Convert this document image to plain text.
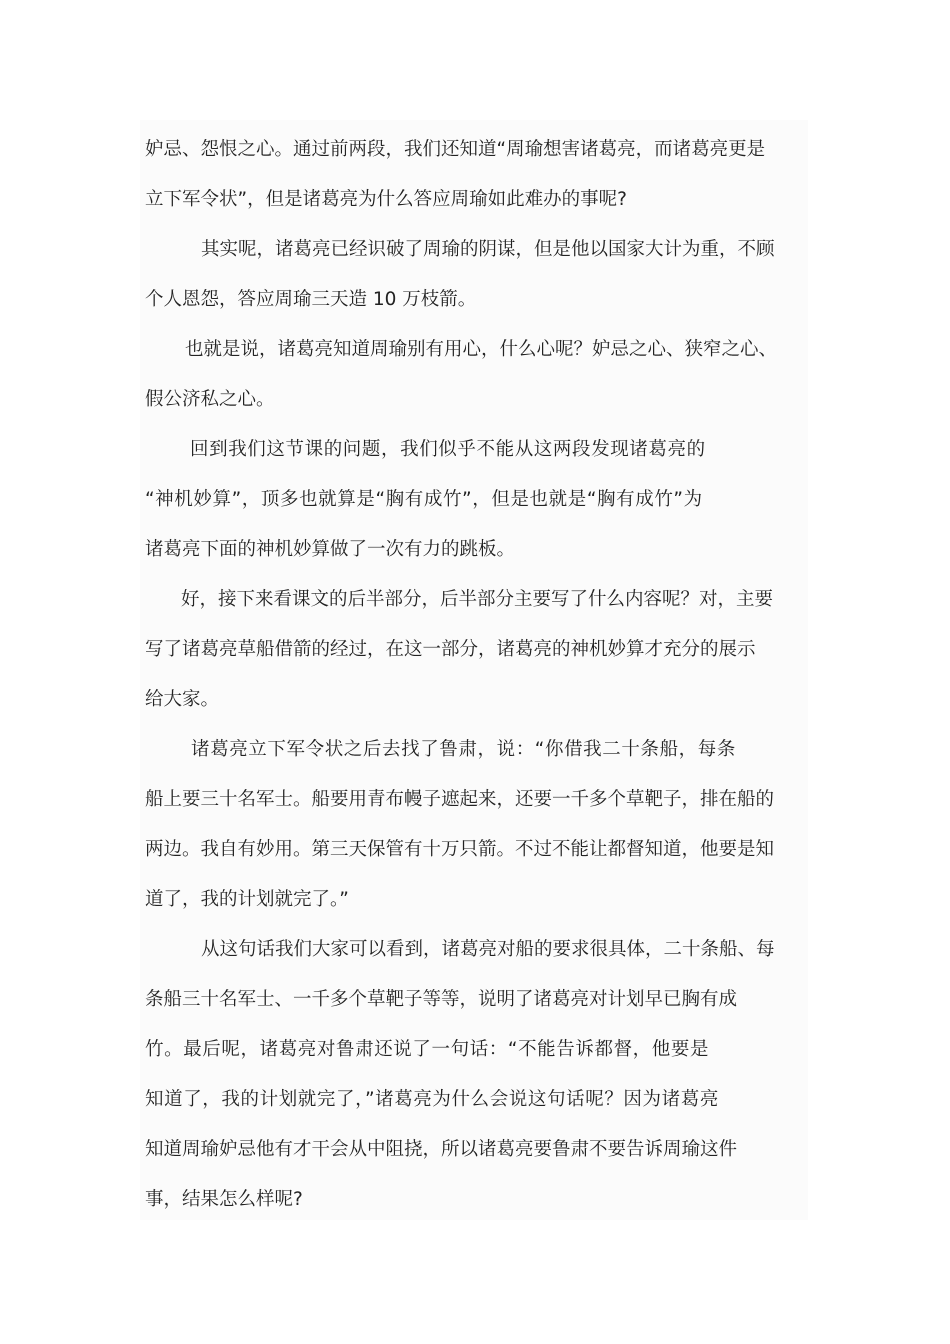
妒忌、怨恨之心。通过前两段，我们还知道“周瑜想害诸葛亮，而诸葛亮更是
立下军令状”，但是诸葛亮为什么答应周瑜如此难办的事呢?
其实呢，诸葛亮已经识破了周瑜的阴谋，但是他以国家大计为重，不顾
个人恩怨，答应周瑜三天造 10 万枝箭。
也就是说，诸葛亮知道周瑜别有用心，什么心呢？妒忌之心、狭窄之心、
假公济私之心。
回到我们这节课的问题，我们似乎不能从这两段发现诸葛亮的
“神机妙算”，顶多也就算是“胸有成竹”，但是也就是“胸有成竹”为
诸葛亮下面的神机妙算做了一次有力的跳板。
好，接下来看课文的后半部分，后半部分主要写了什么内容呢？对，主要
写了诸葛亮草船借箭的经过，在这一部分，诸葛亮的神机妙算才充分的展示
给大家。
诸葛亮立下军令状之后去找了鲁肃，说：“你借我二十条船，每条
船上要三十名军士。船要用青布幔子遮起来，还要一千多个草靶子，排在船的
两边。我自有妙用。第三天保管有十万只箭。不过不能让都督知道，他要是知
道了，我的计划就完了。”
从这句话我们大家可以看到，诸葛亮对船的要求很具体，二十条船、每
条船三十名军士、一千多个草靶子等等，说明了诸葛亮对计划早已胸有成
竹。最后呢，诸葛亮对鲁肃还说了一句话：“不能告诉都督，他要是
知道了，我的计划就完了，”诸葛亮为什么会说这句话呢？因为诸葛亮
知道周瑜妒忌他有才干会从中阻挠，所以诸葛亮要鲁肃不要告诉周瑜这件
事，结果怎么样呢?
